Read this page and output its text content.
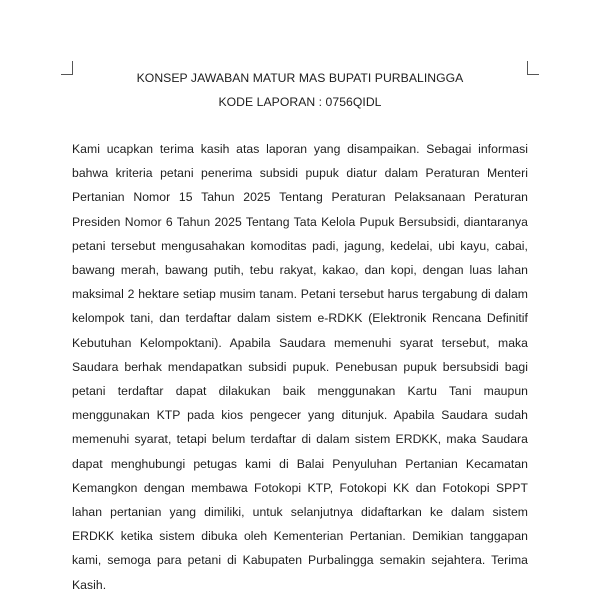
KONSEP JAWABAN MATUR MAS BUPATI PURBALINGGA
KODE LAPORAN : 0756QIDL

Kami ucapkan terima kasih atas laporan yang disampaikan. Sebagai informasi bahwa kriteria petani penerima subsidi pupuk diatur dalam Peraturan Menteri Pertanian Nomor 15 Tahun 2025 Tentang Peraturan Pelaksanaan Peraturan Presiden Nomor 6 Tahun 2025 Tentang Tata Kelola Pupuk Bersubsidi, diantaranya petani tersebut mengusahakan komoditas padi, jagung, kedelai, ubi kayu, cabai, bawang merah, bawang putih, tebu rakyat, kakao, dan kopi, dengan luas lahan maksimal 2 hektare setiap musim tanam. Petani tersebut harus tergabung di dalam kelompok tani, dan terdaftar dalam sistem e-RDKK (Elektronik Rencana Definitif Kebutuhan Kelompoktani). Apabila Saudara memenuhi syarat tersebut, maka Saudara berhak mendapatkan subsidi pupuk. Penebusan pupuk bersubsidi bagi petani terdaftar dapat dilakukan baik menggunakan Kartu Tani maupun menggunakan KTP pada kios pengecer yang ditunjuk. Apabila Saudara sudah memenuhi syarat, tetapi belum terdaftar di dalam sistem ERDKK, maka Saudara dapat menghubungi petugas kami di Balai Penyuluhan Pertanian Kecamatan Kemangkon dengan membawa Fotokopi KTP, Fotokopi KK dan Fotokopi SPPT lahan pertanian yang dimiliki, untuk selanjutnya didaftarkan ke dalam sistem ERDKK ketika sistem dibuka oleh Kementerian Pertanian. Demikian tanggapan kami, semoga para petani di Kabupaten Purbalingga semakin sejahtera. Terima Kasih.
